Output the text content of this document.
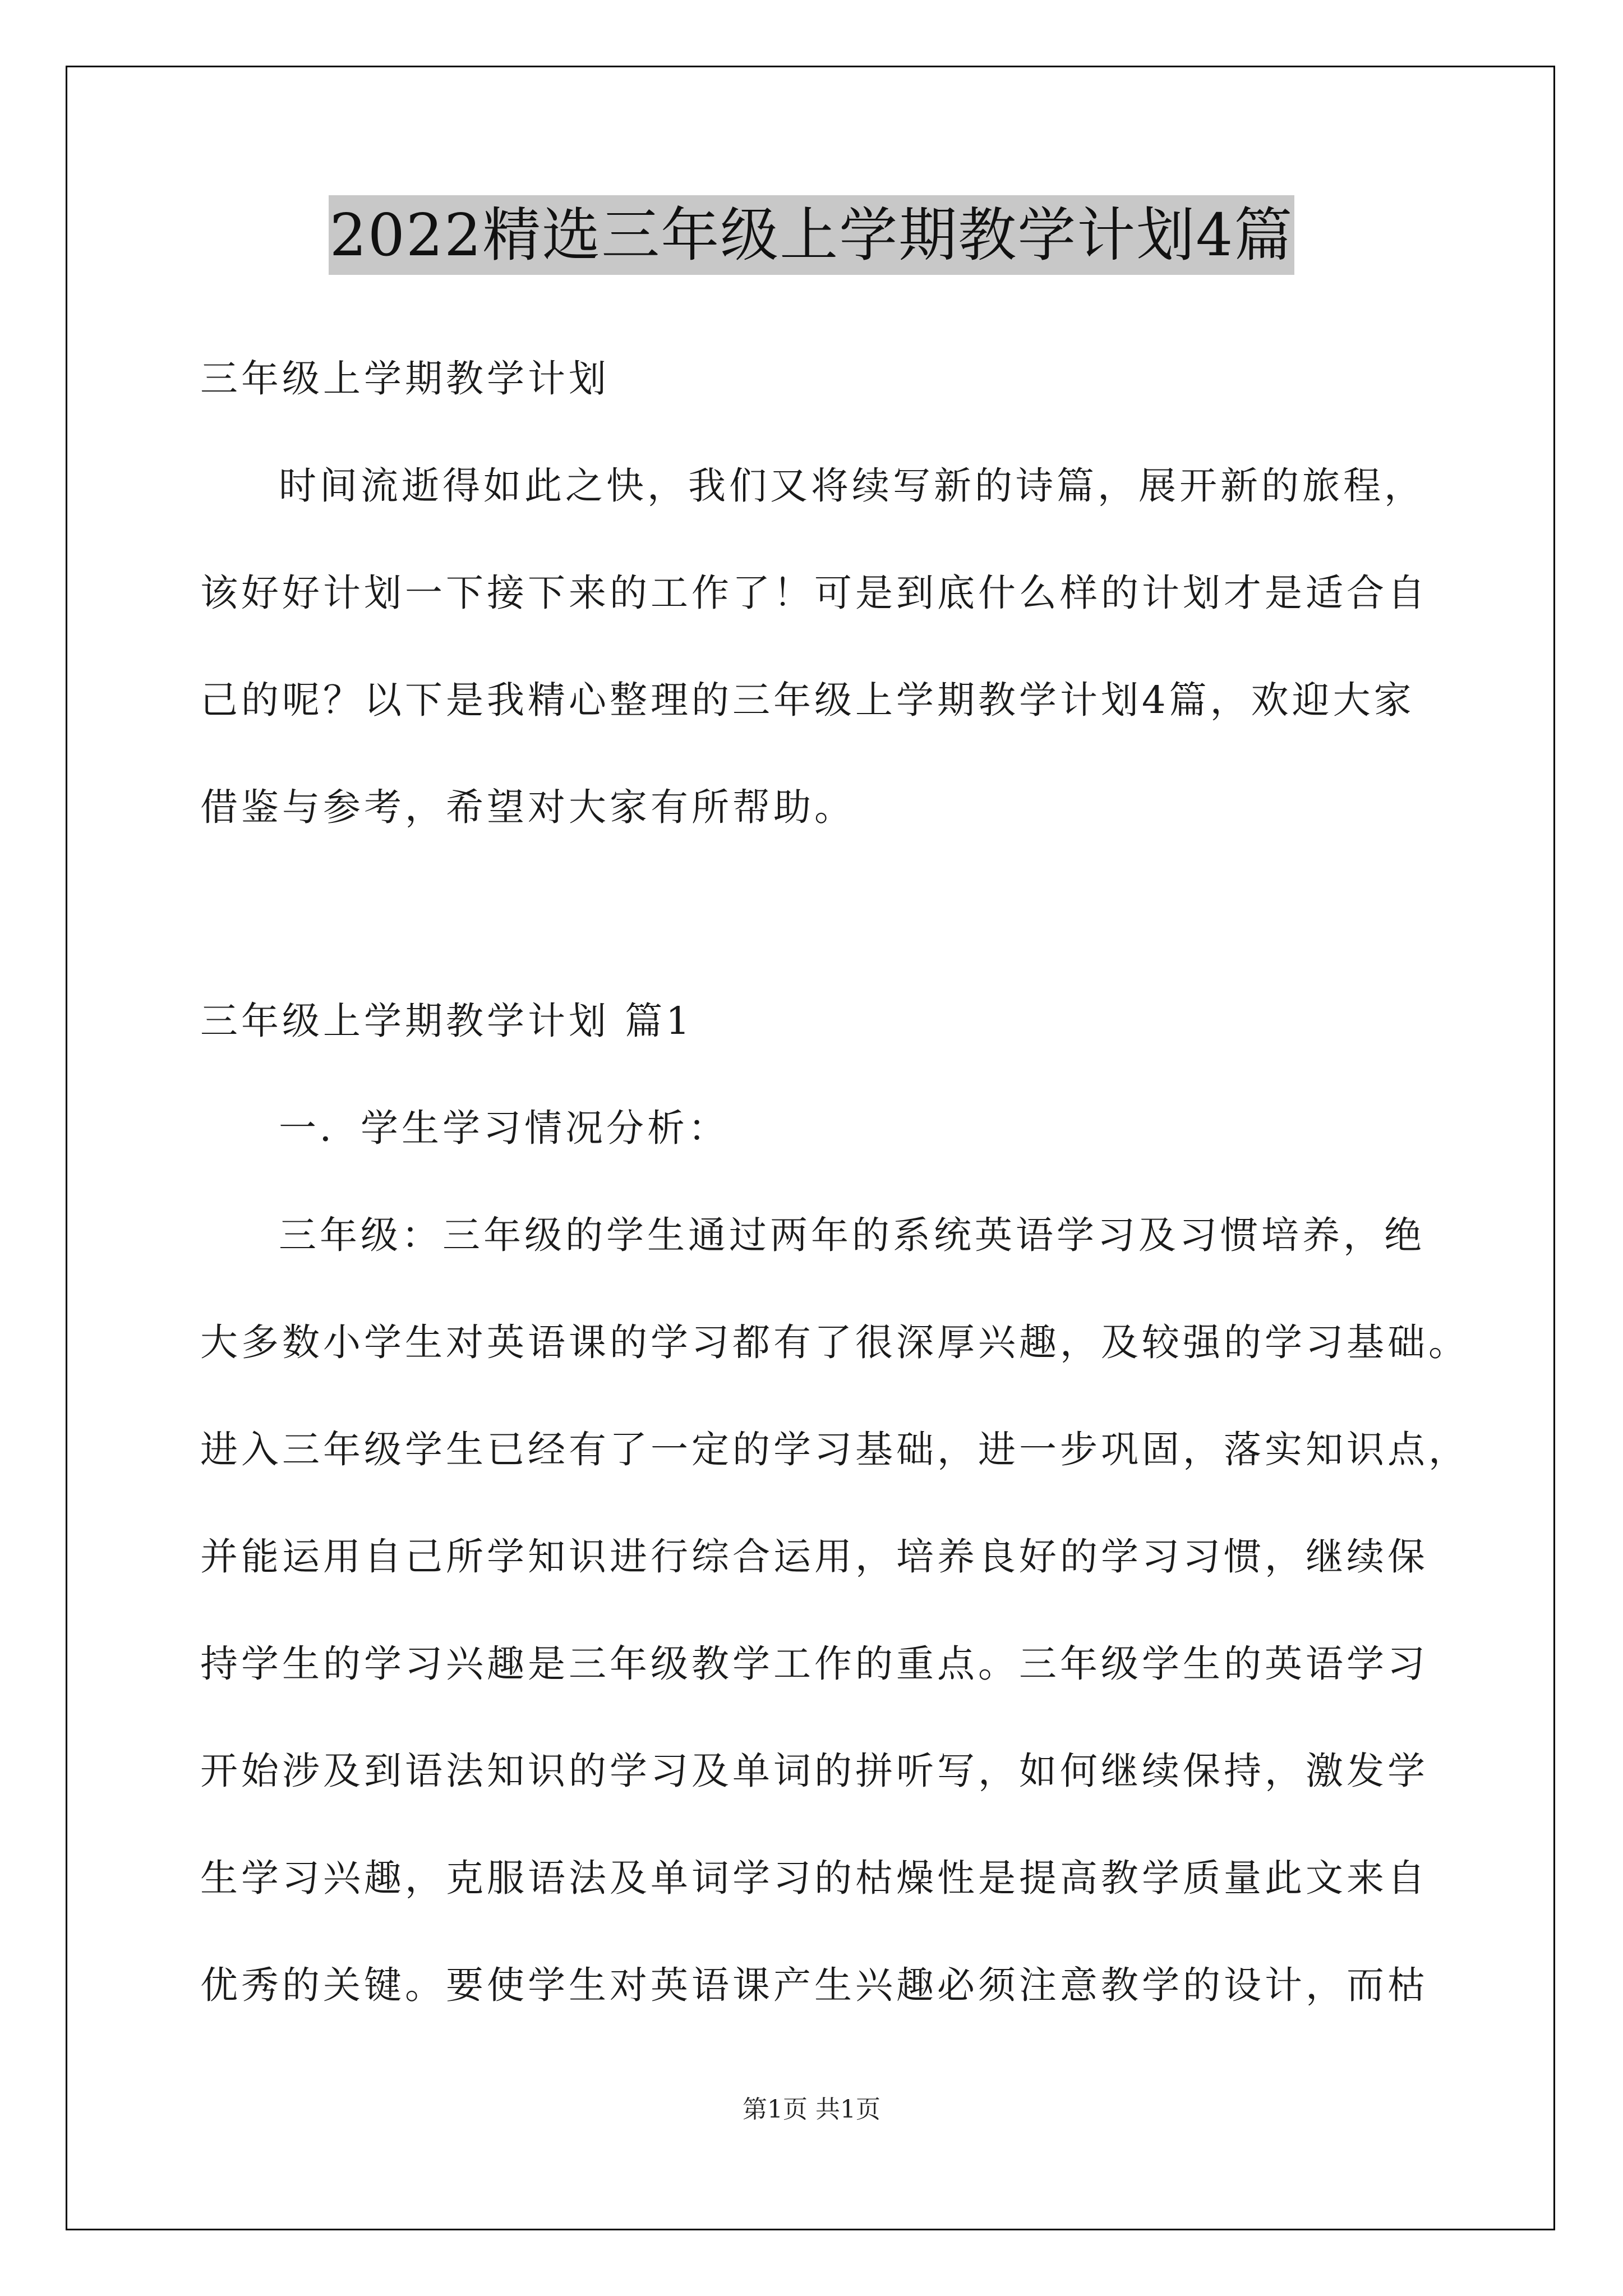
2022精选三年级上学期教学计划4篇
三年级上学期教学计划
时间流逝得如此之快，我们又将续写新的诗篇，展开新的旅程，
该好好计划一下接下来的工作了！可是到底什么样的计划才是适合自
己的呢？以下是我精心整理的三年级上学期教学计划4篇，欢迎大家
借鉴与参考，希望对大家有所帮助。
三年级上学期教学计划 篇1
一．学生学习情况分析：
三年级：三年级的学生通过两年的系统英语学习及习惯培养，绝
大多数小学生对英语课的学习都有了很深厚兴趣，及较强的学习基础。
进入三年级学生已经有了一定的学习基础，进一步巩固，落实知识点，
并能运用自己所学知识进行综合运用，培养良好的学习习惯，继续保
持学生的学习兴趣是三年级教学工作的重点。三年级学生的英语学习
开始涉及到语法知识的学习及单词的拼听写，如何继续保持，激发学
生学习兴趣，克服语法及单词学习的枯燥性是提高教学质量此文来自
优秀的关键。要使学生对英语课产生兴趣必须注意教学的设计，而枯
第1页 共1页
